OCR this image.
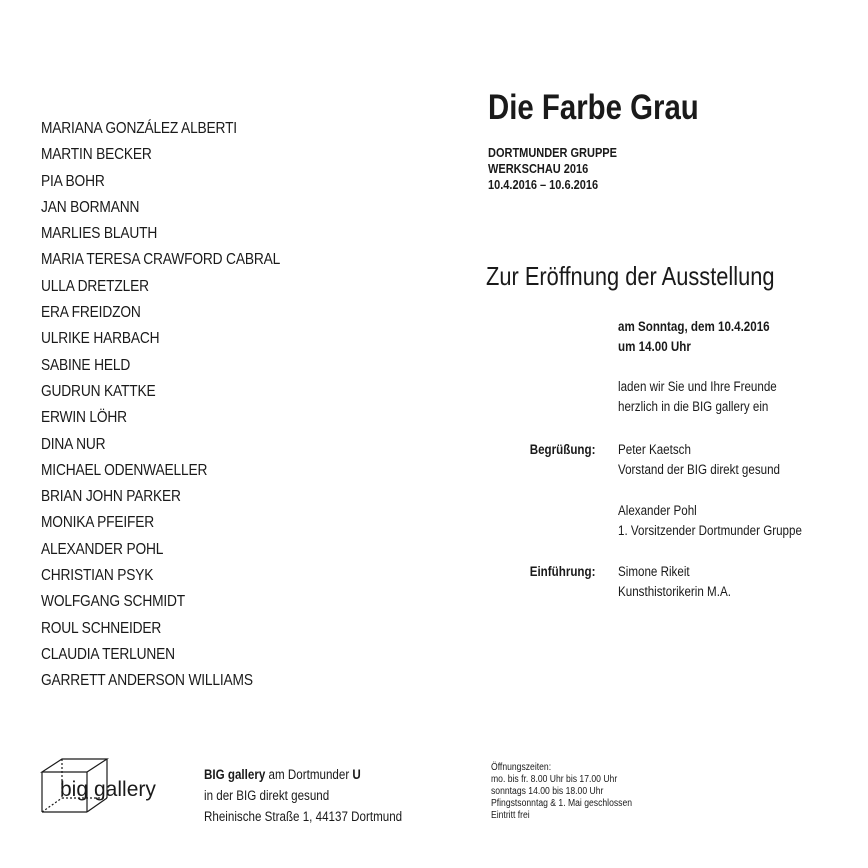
MARIANA GONZÁLEZ ALBERTI
MARTIN BECKER
PIA BOHR
JAN BORMANN
MARLIES BLAUTH
MARIA TERESA CRAWFORD CABRAL
ULLA DRETZLER
ERA FREIDZON
ULRIKE HARBACH
SABINE HELD
GUDRUN KATTKE
ERWIN LÖHR
DINA NUR
MICHAEL ODENWAELLER
BRIAN JOHN PARKER
MONIKA PFEIFER
ALEXANDER POHL
CHRISTIAN PSYK
WOLFGANG SCHMIDT
ROUL SCHNEIDER
CLAUDIA TERLUNEN
GARRETT ANDERSON WILLIAMS
Die Farbe Grau
DORTMUNDER GRUPPE
WERKSCHAU 2016
10.4.2016 – 10.6.2016
Zur Eröffnung der Ausstellung
am Sonntag, dem 10.4.2016
um 14.00 Uhr
laden wir Sie und Ihre Freunde
herzlich in die BIG gallery ein
Begrüßung: Peter Kaetsch
Vorstand der BIG direkt gesund
Alexander Pohl
1. Vorsitzender Dortmunder Gruppe
Einführung: Simone Rikeit
Kunsthistorikerin M.A.
big gallery
BIG gallery am Dortmunder U
in der BIG direkt gesund
Rheinische Straße 1, 44137 Dortmund
Öffnungszeiten:
mo. bis fr. 8.00 Uhr bis 17.00 Uhr
sonntags 14.00 bis 18.00 Uhr
Pfingstsonntag & 1. Mai geschlossen
Eintritt frei
